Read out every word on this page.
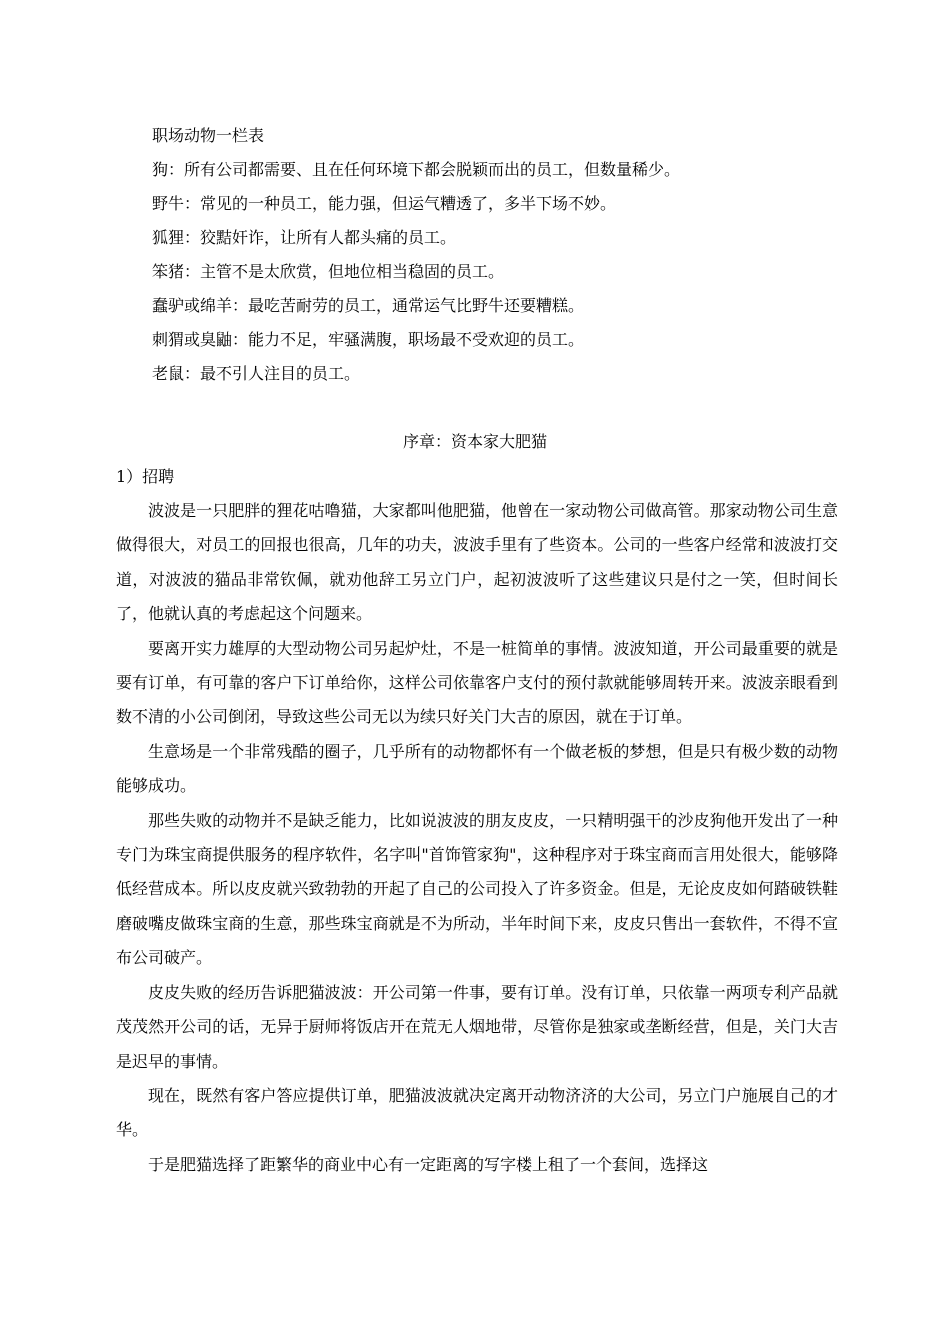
职场动物一栏表
狗：所有公司都需要、且在任何环境下都会脱颖而出的员工，但数量稀少。
野牛：常见的一种员工，能力强，但运气糟透了，多半下场不妙。
狐狸：狡黠奸诈，让所有人都头痛的员工。
笨猪：主管不是太欣赏，但地位相当稳固的员工。
蠢驴或绵羊：最吃苦耐劳的员工，通常运气比野牛还要糟糕。
刺猬或臭鼬：能力不足，牢骚满腹，职场最不受欢迎的员工。
老鼠：最不引人注目的员工。
序章：资本家大肥猫
1）招聘

波波是一只肥胖的狸花咕噜猫，大家都叫他肥猫，他曾在一家动物公司做高管。那家动物公司生意做得很大，对员工的回报也很高，几年的功夫，波波手里有了些资本。公司的一些客户经常和波波打交道，对波波的猫品非常钦佩，就劝他辞工另立门户，起初波波听了这些建议只是付之一笑，但时间长了，他就认真的考虑起这个问题来。

要离开实力雄厚的大型动物公司另起炉灶，不是一桩简单的事情。波波知道，开公司最重要的就是要有订单，有可靠的客户下订单给你，这样公司依靠客户支付的预付款就能够周转开来。波波亲眼看到数不清的小公司倒闭，导致这些公司无以为续只好关门大吉的原因，就在于订单。

生意场是一个非常残酷的圈子，几乎所有的动物都怀有一个做老板的梦想，但是只有极少数的动物能够成功。

那些失败的动物并不是缺乏能力，比如说波波的朋友皮皮，一只精明强干的沙皮狗他开发出了一种专门为珠宝商提供服务的程序软件，名字叫"首饰管家狗"，这种程序对于珠宝商而言用处很大，能够降低经营成本。所以皮皮就兴致勃勃的开起了自己的公司投入了许多资金。但是，无论皮皮如何踏破铁鞋磨破嘴皮做珠宝商的生意，那些珠宝商就是不为所动，半年时间下来，皮皮只售出一套软件，不得不宣布公司破产。

皮皮失败的经历告诉肥猫波波：开公司第一件事，要有订单。没有订单，只依靠一两项专利产品就茂茂然开公司的话，无异于厨师将饭店开在荒无人烟地带，尽管你是独家或垄断经营，但是，关门大吉是迟早的事情。

现在，既然有客户答应提供订单，肥猫波波就决定离开动物济济的大公司，另立门户施展自己的才华。

于是肥猫选择了距繁华的商业中心有一定距离的写字楼上租了一个套间，选择这
